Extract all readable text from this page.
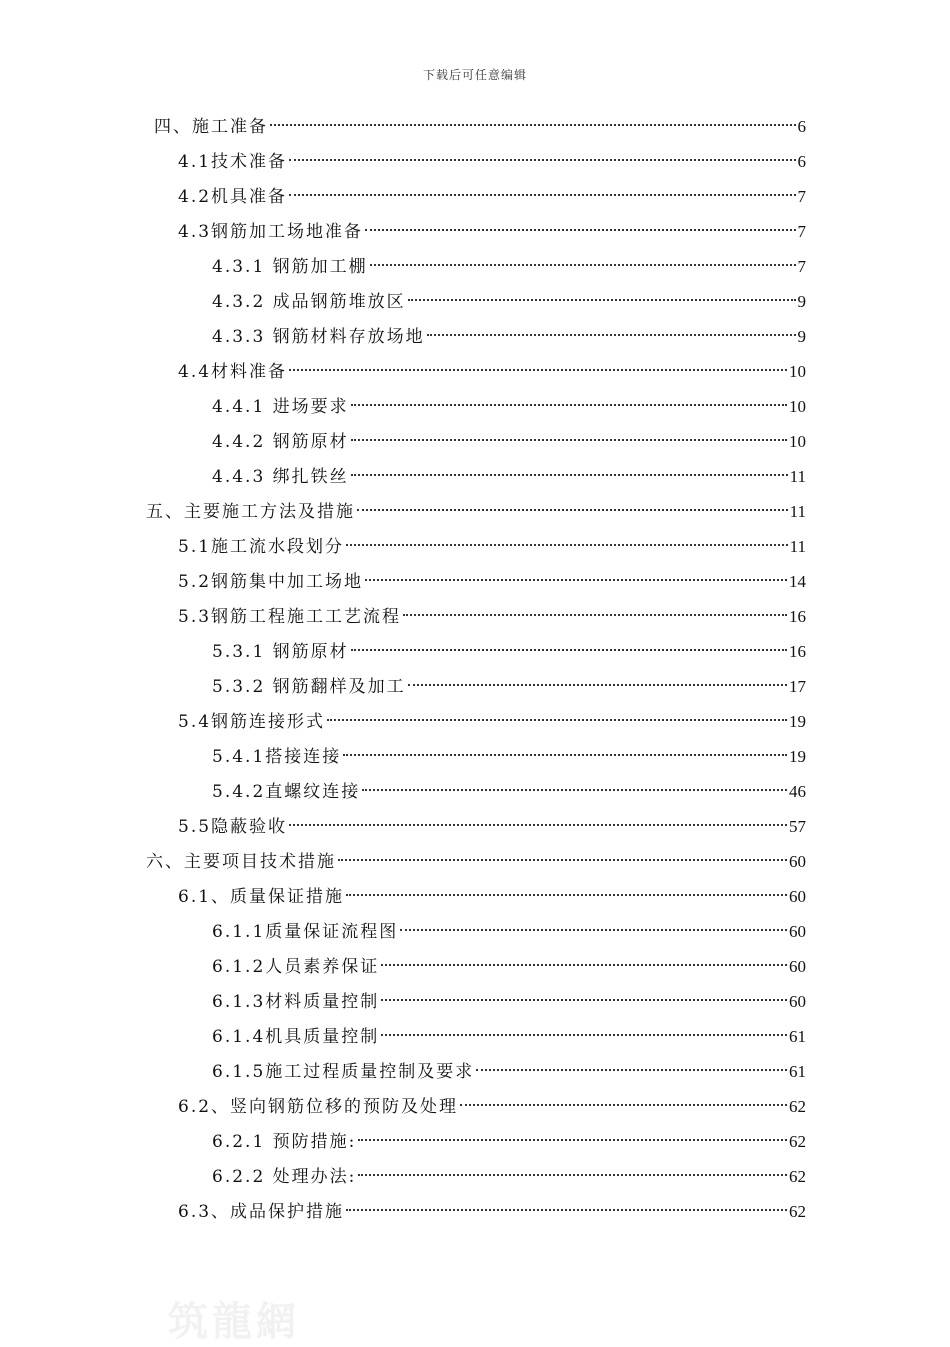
下载后可任意编辑
四、施工准备	6
4.1技术准备	6
4.2机具准备	7
4.3钢筋加工场地准备	7
4.3.1 钢筋加工棚	7
4.3.2 成品钢筋堆放区	9
4.3.3 钢筋材料存放场地	9
4.4材料准备	10
4.4.1 进场要求	10
4.4.2 钢筋原材	10
4.4.3 绑扎铁丝	11
五、主要施工方法及措施	11
5.1施工流水段划分	11
5.2钢筋集中加工场地	14
5.3钢筋工程施工工艺流程	16
5.3.1 钢筋原材	16
5.3.2 钢筋翻样及加工	17
5.4钢筋连接形式	19
5.4.1搭接连接	19
5.4.2直螺纹连接	46
5.5隐蔽验收	57
六、主要项目技术措施	60
6.1、质量保证措施	60
6.1.1质量保证流程图	60
6.1.2人员素养保证	60
6.1.3材料质量控制	60
6.1.4机具质量控制	61
6.1.5施工过程质量控制及要求	61
6.2、竖向钢筋位移的预防及处理	62
6.2.1 预防措施:	62
6.2.2 处理办法:	62
6.3、成品保护措施	62
筑龍網
